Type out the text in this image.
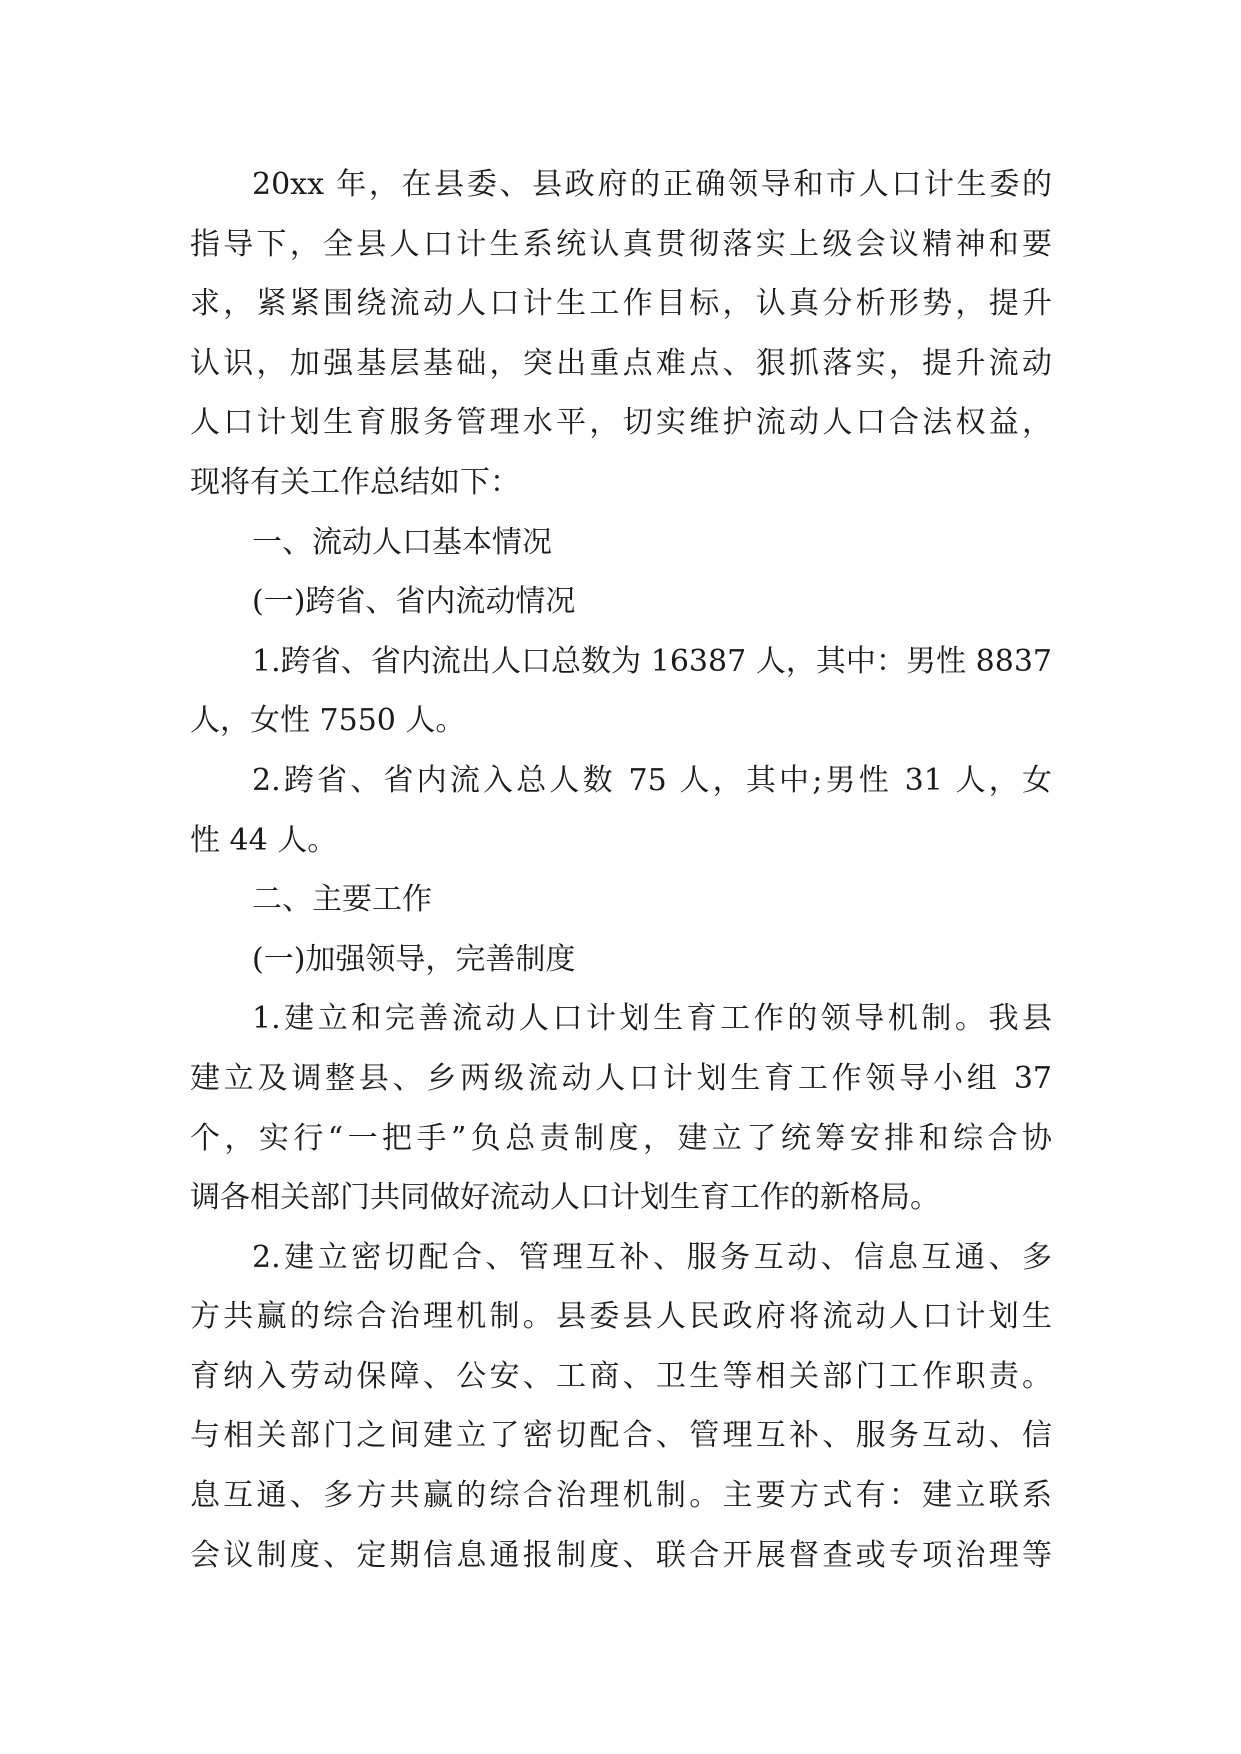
20xx 年，在县委、县政府的正确领导和市人口计生委的
指导下，全县人口计生系统认真贯彻落实上级会议精神和要
求，紧紧围绕流动人口计生工作目标，认真分析形势，提升
认识，加强基层基础，突出重点难点、狠抓落实，提升流动
人口计划生育服务管理水平，切实维护流动人口合法权益，
现将有关工作总结如下：
一、流动人口基本情况
(一)跨省、省内流动情况
1.跨省、省内流出人口总数为 16387 人，其中：男性 8837
人，女性 7550 人。
2.跨省、省内流入总人数 75 人，其中;男性 31 人，女
性 44 人。
二、主要工作
(一)加强领导，完善制度
1.建立和完善流动人口计划生育工作的领导机制。我县
建立及调整县、乡两级流动人口计划生育工作领导小组 37
个，实行“一把手”负总责制度，建立了统筹安排和综合协
调各相关部门共同做好流动人口计划生育工作的新格局。
2.建立密切配合、管理互补、服务互动、信息互通、多
方共赢的综合治理机制。县委县人民政府将流动人口计划生
育纳入劳动保障、公安、工商、卫生等相关部门工作职责。
与相关部门之间建立了密切配合、管理互补、服务互动、信
息互通、多方共赢的综合治理机制。主要方式有：建立联系
会议制度、定期信息通报制度、联合开展督查或专项治理等
